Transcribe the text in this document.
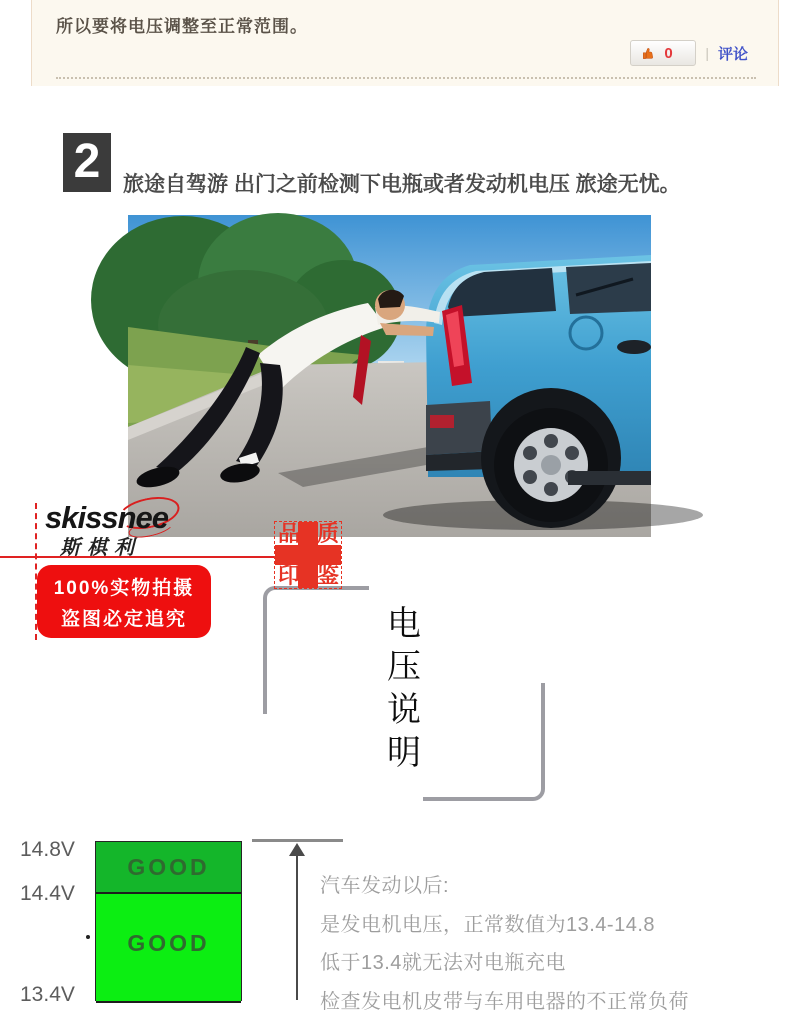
所以要将电压调整至正常范围。
0 | 评论
2	旅途自驾游 出门之前检测下电瓶或者发动机电压 旅途无忧。
skissnee
斯棋利
100%实物拍摄
盗图必定追究
品 质
印 鉴
电
压
说
明
14.8V
14.4V
13.4V
GOOD
GOOD
汽车发动以后:
是发电机电压，正常数值为13.4-14.8
低于13.4就无法对电瓶充电
检查发电机皮带与车用电器的不正常负荷
